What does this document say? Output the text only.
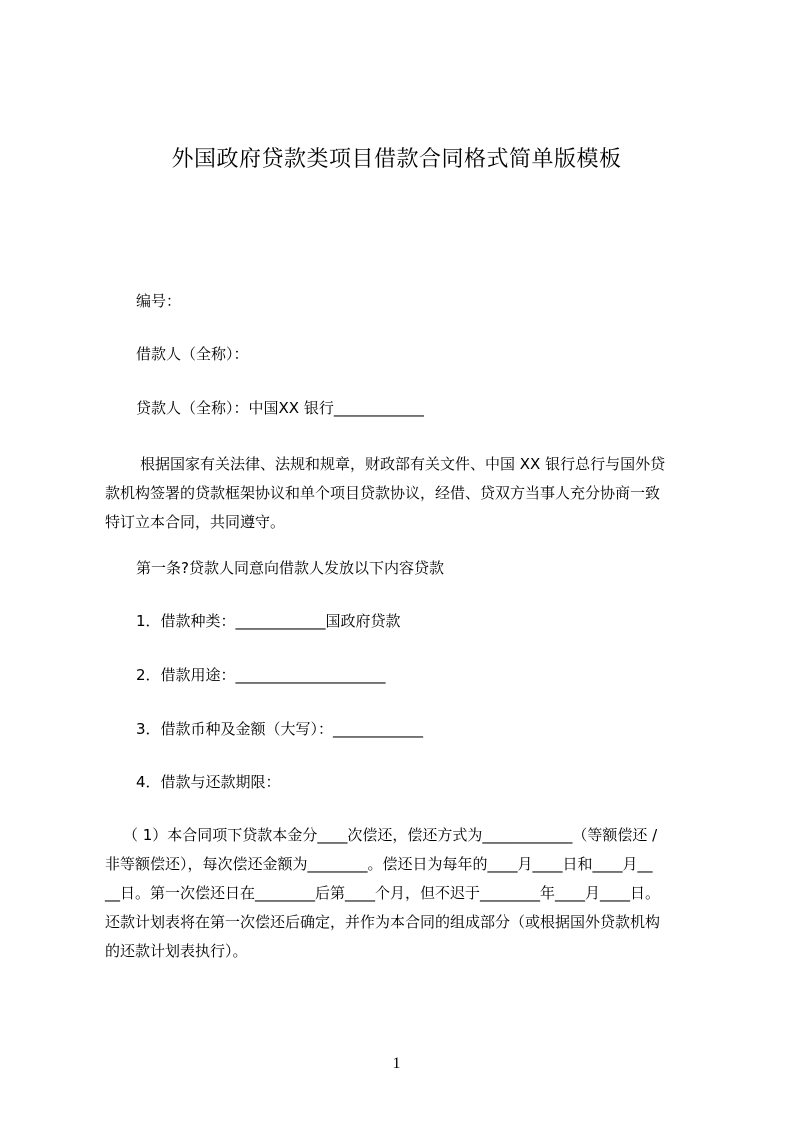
外国政府贷款类项目借款合同格式简单版模板
编号：
借款人（全称）：
贷款人（全称）：中国XX 银行____________
根据国家有关法律、法规和规章，财政部有关文件、中国 XX 银行总行与国外贷
款机构签署的贷款框架协议和单个项目贷款协议，经借、贷双方当事人充分协商一致
特订立本合同，共同遵守。
第一条?贷款人同意向借款人发放以下内容贷款
1．借款种类：____________国政府贷款
2．借款用途：____________________
3．借款币种及金额（大写）：____________
4．借款与还款期限：
（ 1）本合同项下贷款本金分____次偿还，偿还方式为____________（等额偿还 /
非等额偿还），每次偿还金额为________。偿还日为每年的____月____日和____月__
__日。第一次偿还日在________后第____个月，但不迟于________年____月____日。
还款计划表将在第一次偿还后确定，并作为本合同的组成部分（或根据国外贷款机构
的还款计划表执行）。
1
